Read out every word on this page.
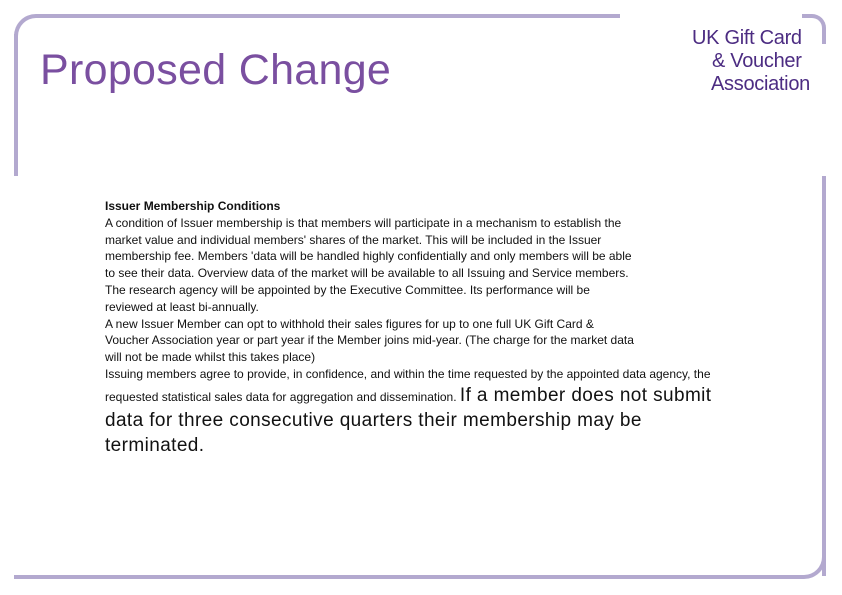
Proposed Change
UK Gift Card
& Voucher
Association

Issuer Membership Conditions

A condition of Issuer membership is that members will participate in a mechanism to establish the market value and individual members' shares of the market. This will be included in the Issuer membership fee. Members 'data will be handled highly confidentially and only members will be able to see their data. Overview data of the market will be available to all Issuing and Service members. The research agency will be appointed by the Executive Committee. Its performance will be reviewed at least bi-annually.

A new Issuer Member can opt to withhold their sales figures for up to one full UK Gift Card & Voucher Association year or part year if the Member joins mid-year. (The charge for the market data will not be made whilst this takes place)

Issuing members agree to provide, in confidence, and within the time requested by the appointed data agency, the requested statistical sales data for aggregation and dissemination. If a member does not submit data for three consecutive quarters their membership may be terminated.
